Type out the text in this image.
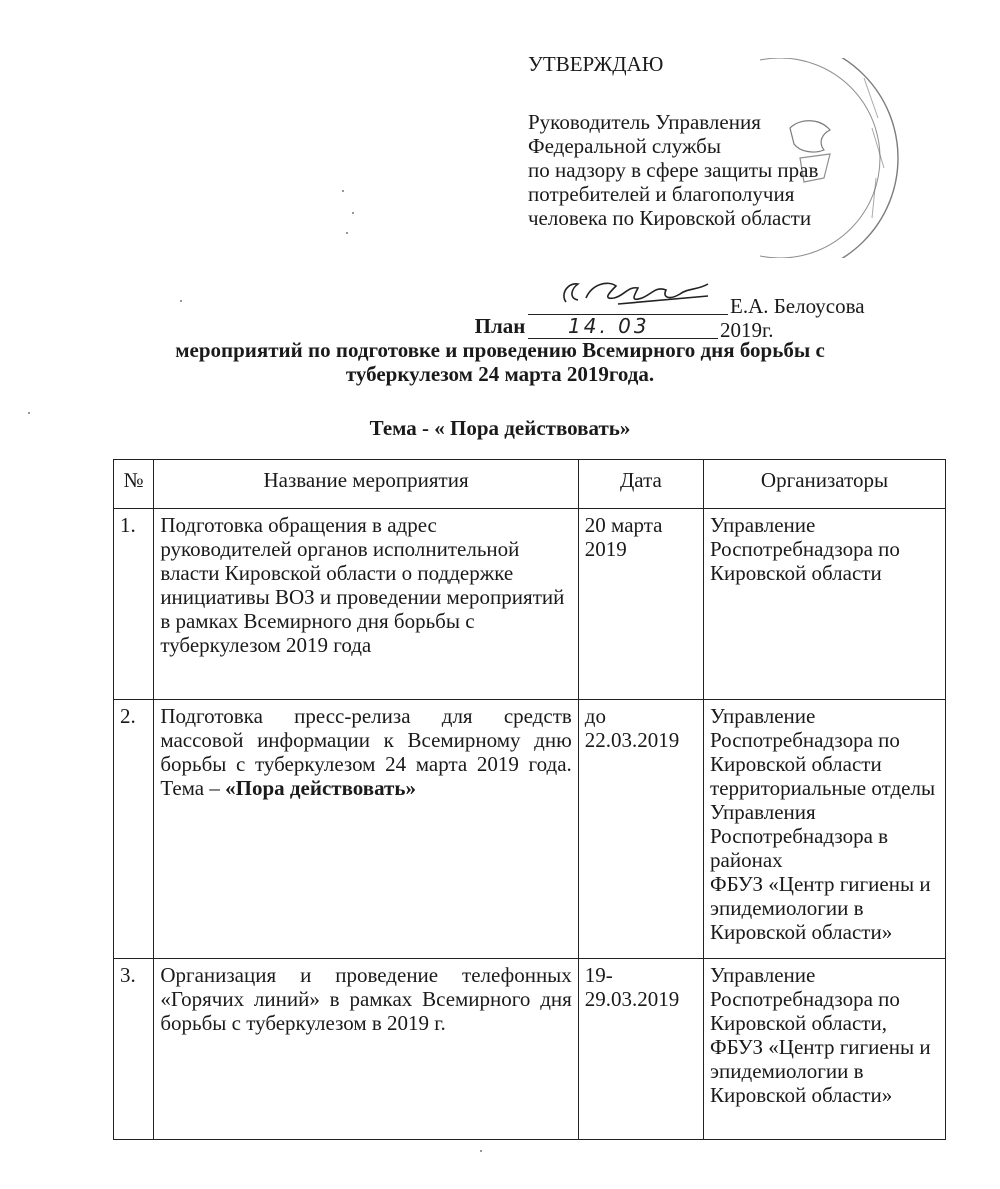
УТВЕРЖДАЮ
Руководитель Управления
Федеральной службы
по надзору в сфере защиты прав
потребителей и благополучия
человека по Кировской области
Е.А. Белоусова
14. 03	2019г.
План
мероприятий по подготовке и проведению Всемирного дня борьбы с
туберкулезом 24 марта 2019года.
Тема - « Пора действовать»
№	Название мероприятия	Дата	Организаторы
1.	Подготовка обращения в адрес руководителей органов исполнительной власти Кировской области о поддержке инициативы ВОЗ и проведении мероприятий в рамках Всемирного дня борьбы с туберкулезом 2019 года	20 марта 2019	Управление Роспотребнадзора по Кировской области

2.	Подготовка пресс-релиза для средств массовой информации к Всемирному дню борьбы с туберкулезом 24 марта 2019 года. Тема – «Пора действовать»	до 22.03.2019	Управление Роспотребнадзора по Кировской области территориальные отделы Управления Роспотребнадзора в районах
ФБУЗ «Центр гигиены и эпидемиологии в Кировской области»

3.	Организация и проведение телефонных «Горячих линий» в рамках Всемирного дня борьбы с туберкулезом в 2019 г.	19-29.03.2019	Управление Роспотребнадзора по Кировской области,
ФБУЗ «Центр гигиены и эпидемиологии в Кировской области»
